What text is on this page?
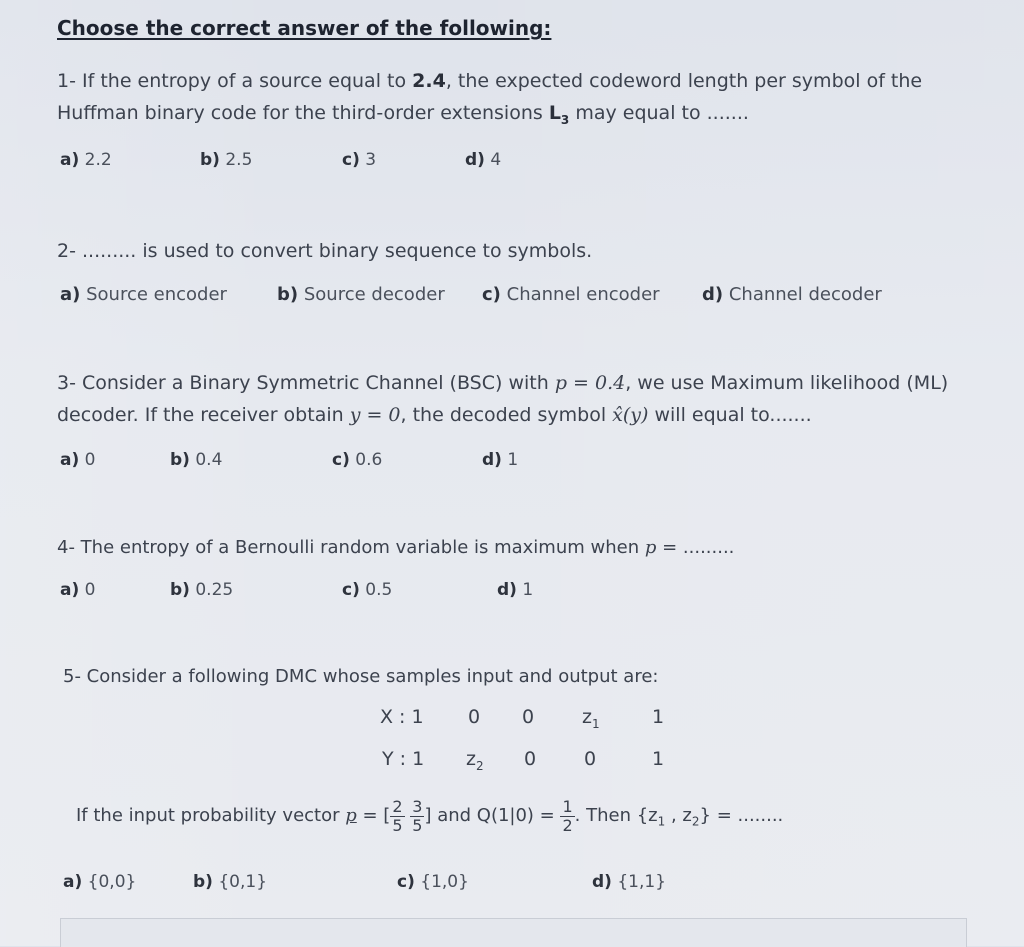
Choose the correct answer of the following:
1- If the entropy of a source equal to 2.4, the expected codeword length per symbol of the
Huffman binary code for the third-order extensions $L_3$ may equal to .......
a) 2.2	b) 2.5	c) 3	d) 4
2- ......... is used to convert binary sequence to symbols.
a) Source encoder	b) Source decoder c) Channel encoder d) Channel decoder
3- Consider a Binary Symmetric Channel (BSC) with p = 0.4, we use Maximum likelihood (ML)
decoder. If the receiver obtain y = 0, the decoded symbol x̂(y) will equal to.......
a) 0	b) 0.4	c) 0.6	d) 1
4- The entropy of a Bernoulli random variable is maximum when p = .........
a) 0	b) 0.25	c) 0.5	d) 1
5- Consider a following DMC whose samples input and output are:
X : 1 0 0	$z_1$	1
Y : 1 $z_2$ 0	0	1
If the input probability vector p = [ $\frac{2}{5}$
$\frac{3}{5}$ ] and $Q(1|0) = \frac{1}{2}$ . Then {$z_1$ , $z_2$} = ........
a) {0,0}	b) {0,1}	c) {1,0}	d) {1,1}
